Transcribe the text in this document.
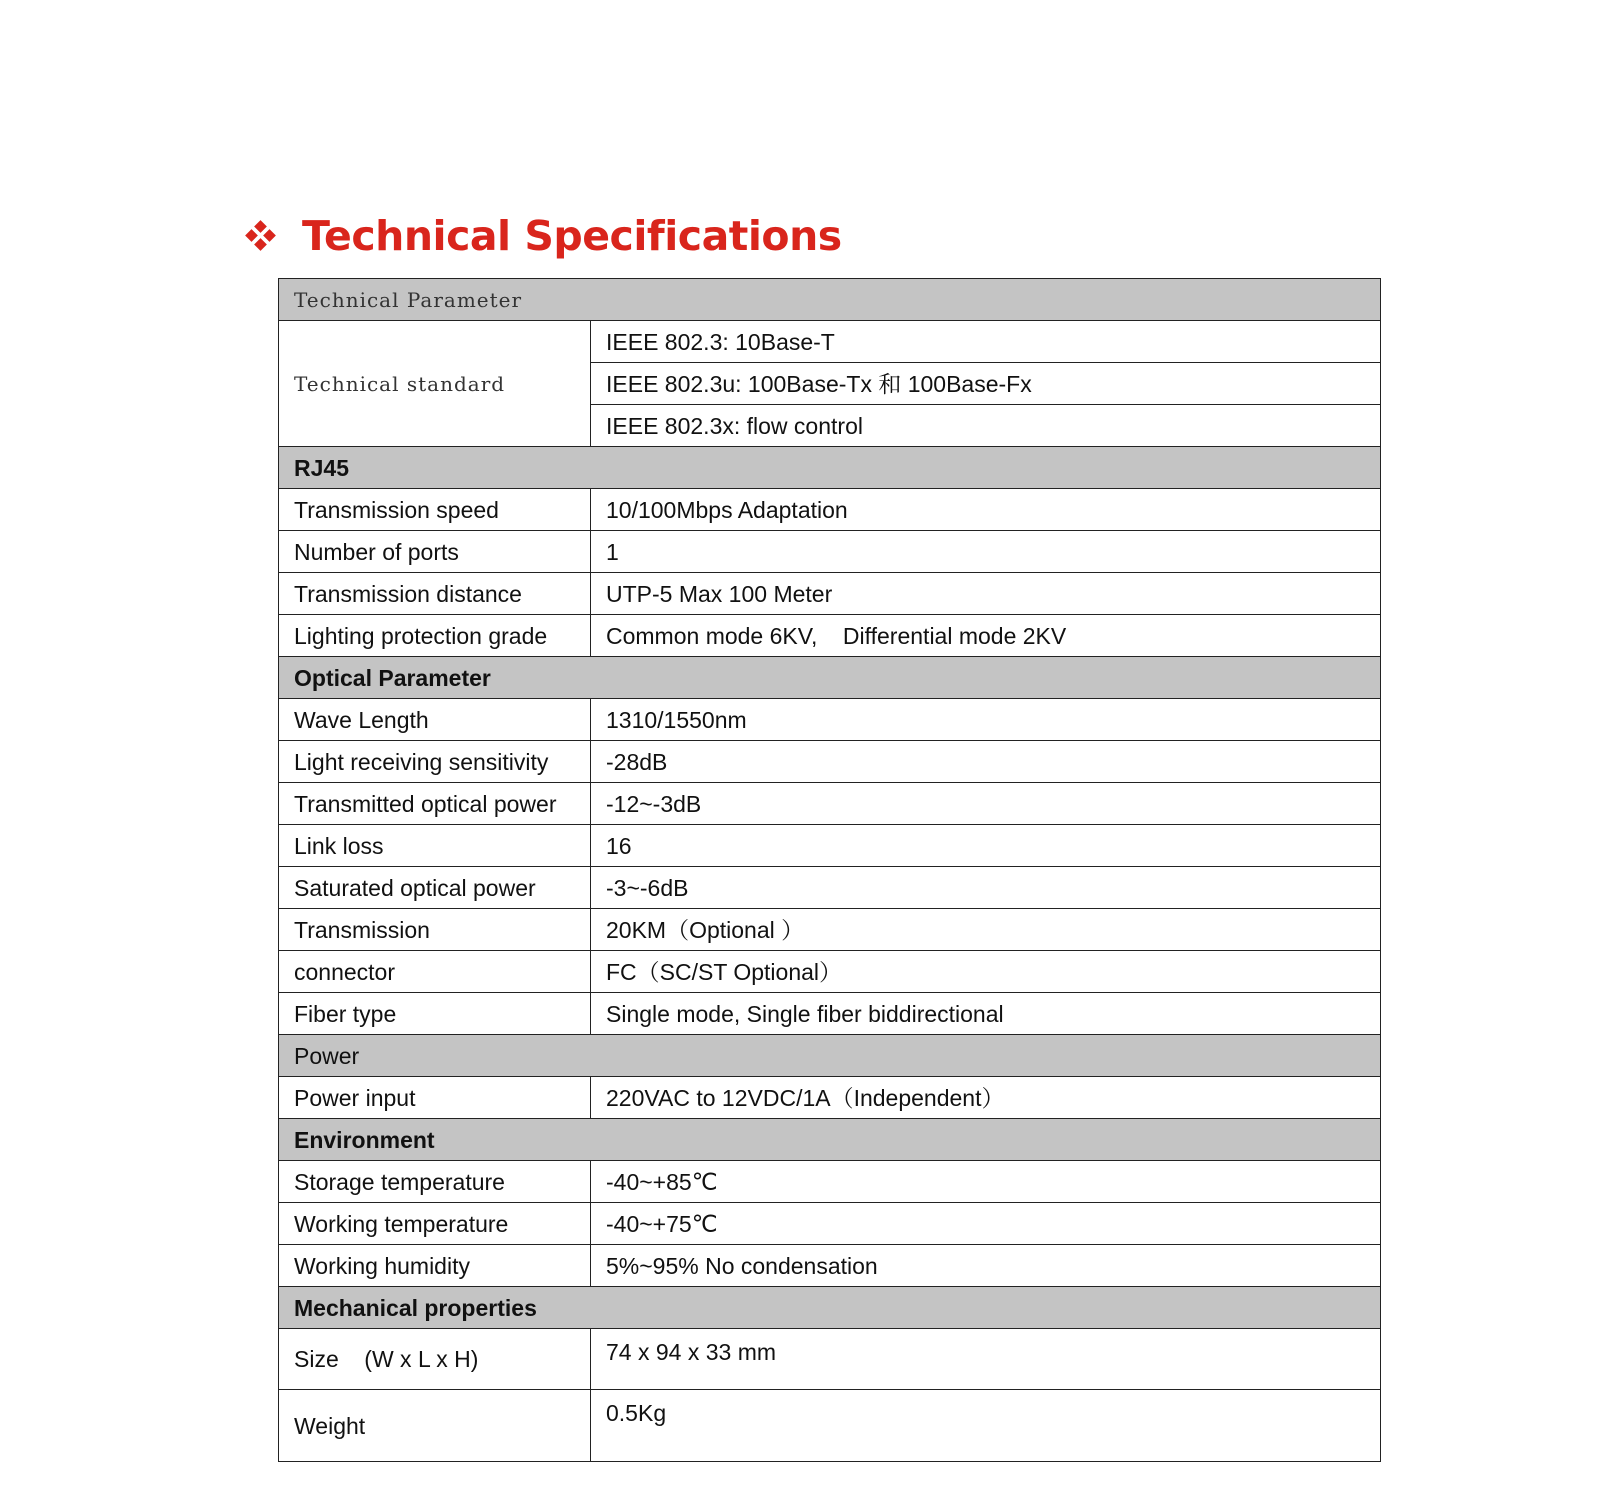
Technical Specifications
Technical Parameter	
Technical standard	IEEE 802.3: 10Base-T
	IEEE 802.3u: 100Base-Tx 和 100Base-Fx
	IEEE 802.3x: flow control
RJ45	
Transmission speed	10/100Mbps Adaptation
Number of ports	1
Transmission distance	UTP-5 Max 100 Meter
Lighting protection grade	Common mode 6KV,    Differential mode 2KV
Optical Parameter	
Wave Length	1310/1550nm
Light receiving sensitivity	-28dB
Transmitted optical power	-12~-3dB
Link loss	16
Saturated optical power	-3~-6dB
Transmission	20KM（Optional ）
connector	FC（SC/ST Optional）
Fiber type	Single mode, Single fiber biddirectional
Power	
Power input	220VAC to 12VDC/1A（Independent）
Environment	
Storage temperature	-40~+85℃
Working temperature	-40~+75℃
Working humidity	5%~95% No condensation
Mechanical properties	
Size    (W x L x H)	74 x 94 x 33 mm
Weight	0.5Kg
